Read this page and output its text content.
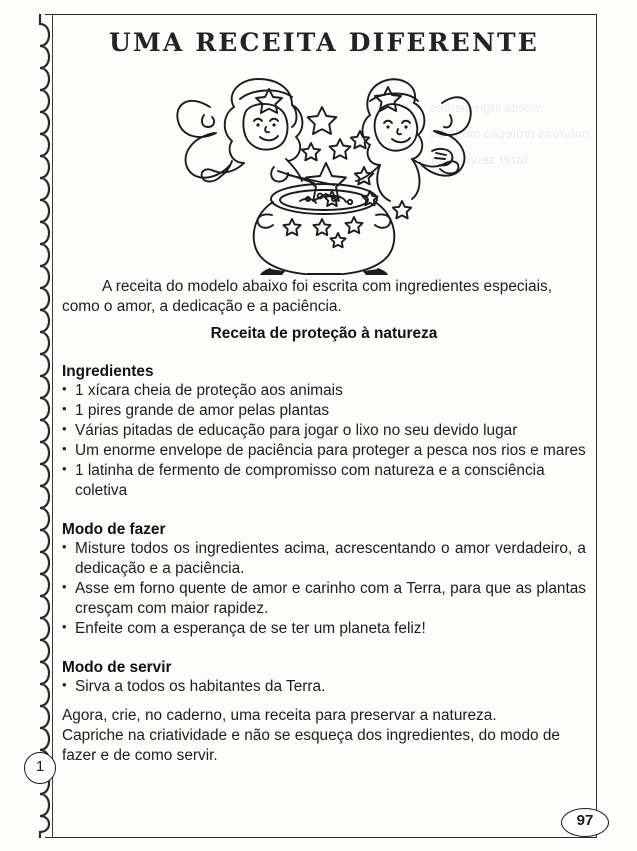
receita ingredientes natureza proteção modo de fazer servir amor
UMA RECEITA DIFERENTE

A receita do modelo abaixo foi escrita com ingredientes especiais, como o amor, a dedicação e a paciência.

Receita de proteção à natureza

Ingredientes

• 1 xícara cheia de proteção aos animais
• 1 pires grande de amor pelas plantas
• Várias pitadas de educação para jogar o lixo no seu devido lugar
• Um enorme envelope de paciência para proteger a pesca nos rios e mares
• 1 latinha de fermento de compromisso com natureza e a consciência coletiva

Modo de fazer

• Misture todos os ingredientes acima, acrescentando o amor verdadeiro, a dedicação e a paciência.
• Asse em forno quente de amor e carinho com a Terra, para que as plantas cresçam com maior rapidez.
• Enfeite com a esperança de se ter um planeta feliz!

Modo de servir

• Sirva a todos os habitantes da Terra.

Agora, crie, no caderno, uma receita para preservar a natureza.

Capriche na criatividade e não se esqueça dos ingredientes, do modo de fazer e de como servir.

1
97
